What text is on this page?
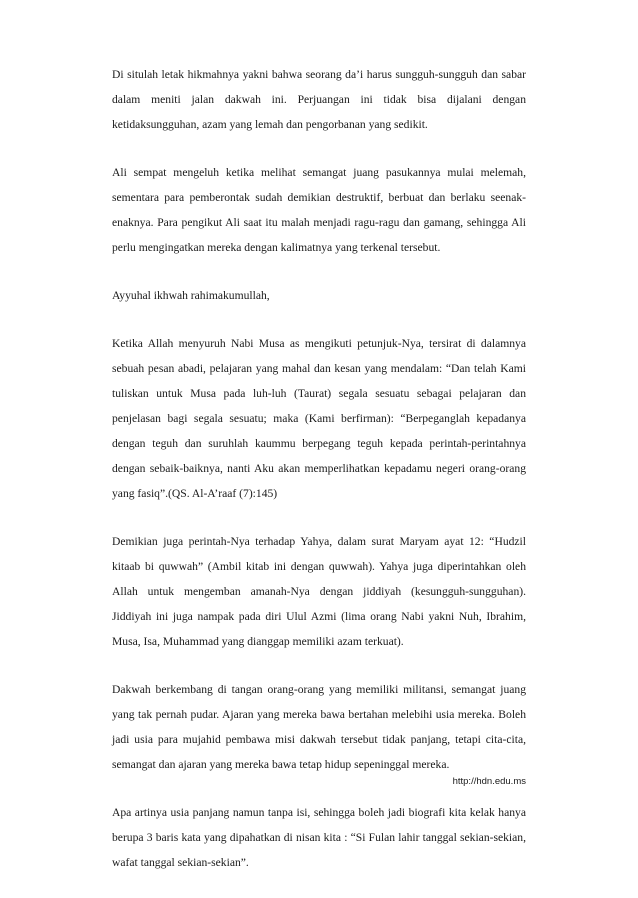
Di situlah letak hikmahnya yakni bahwa seorang da’i harus sungguh-sungguh dan sabar dalam meniti jalan dakwah ini. Perjuangan ini tidak bisa dijalani dengan ketidaksungguhan, azam yang lemah dan pengorbanan yang sedikit.

Ali sempat mengeluh ketika melihat semangat juang pasukannya mulai melemah, sementara para pemberontak sudah demikian destruktif, berbuat dan berlaku seenak-enaknya. Para pengikut Ali saat itu malah menjadi ragu-ragu dan gamang, sehingga Ali perlu mengingatkan mereka dengan kalimatnya yang terkenal tersebut.

Ayyuhal ikhwah rahimakumullah,

Ketika Allah menyuruh Nabi Musa as mengikuti petunjuk-Nya, tersirat di dalamnya sebuah pesan abadi, pelajaran yang mahal dan kesan yang mendalam: “Dan telah Kami tuliskan untuk Musa pada luh-luh (Taurat) segala sesuatu sebagai pelajaran dan penjelasan bagi segala sesuatu; maka (Kami berfirman): “Berpeganglah kepadanya dengan teguh dan suruhlah kaummu berpegang teguh kepada perintah-perintahnya dengan sebaik-baiknya, nanti Aku akan memperlihatkan kepadamu negeri orang-orang yang fasiq”.(QS. Al-A’raaf (7):145)

Demikian juga perintah-Nya terhadap Yahya, dalam surat Maryam ayat 12: “Hudzil kitaab bi quwwah” (Ambil kitab ini dengan quwwah). Yahya juga diperintahkan oleh Allah untuk mengemban amanah-Nya dengan jiddiyah (kesungguh-sungguhan). Jiddiyah ini juga nampak pada diri Ulul Azmi (lima orang Nabi yakni Nuh, Ibrahim, Musa, Isa, Muhammad yang dianggap memiliki azam terkuat).

Dakwah berkembang di tangan orang-orang yang memiliki militansi, semangat juang yang tak pernah pudar. Ajaran yang mereka bawa bertahan melebihi usia mereka. Boleh jadi usia para mujahid pembawa misi dakwah tersebut tidak panjang, tetapi cita-cita, semangat dan ajaran yang mereka bawa tetap hidup sepeninggal mereka.

Apa artinya usia panjang namun tanpa isi, sehingga boleh jadi biografi kita kelak hanya berupa 3 baris kata yang dipahatkan di nisan kita : “Si Fulan lahir tanggal sekian-sekian, wafat tanggal sekian-sekian”.

http://hdn.edu.ms
